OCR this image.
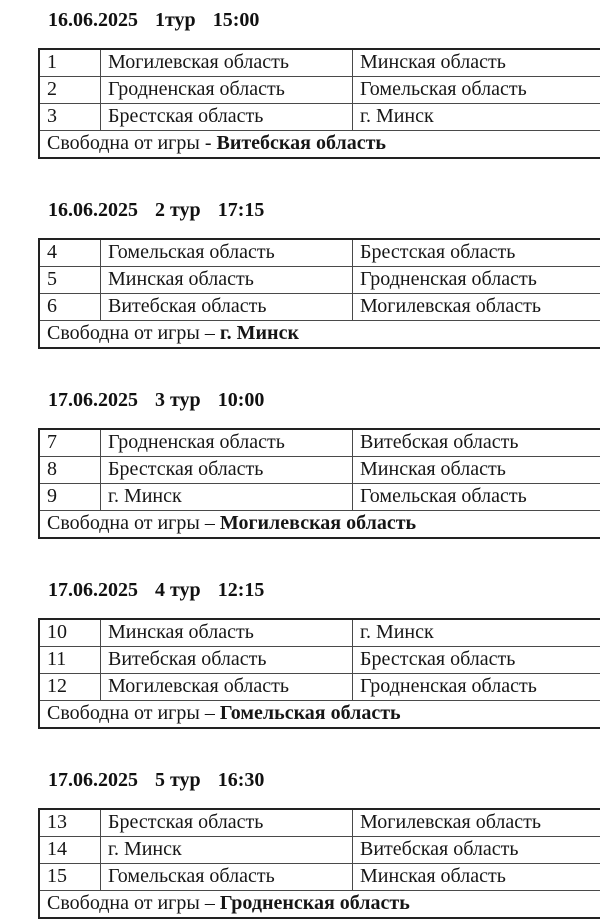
16.06.2025 1тур 15:00
1	Могилевская область	Минская область
2	Гродненская область	Гомельская область
3	Брестская область	г. Минск
Свободна от игры - Витебская область		
16.06.2025 2 тур 17:15
4	Гомельская область	Брестская область
5	Минская область	Гродненская область
6	Витебская область	Могилевская область
Свободна от игры – г. Минск		
17.06.2025 3 тур 10:00
7	Гродненская область	Витебская область
8	Брестская область	Минская область
9	г. Минск	Гомельская область
Свободна от игры – Могилевская область		
17.06.2025 4 тур 12:15
10	Минская область	г. Минск
11	Витебская область	Брестская область
12	Могилевская область	Гродненская область
Свободна от игры – Гомельская область		
17.06.2025 5 тур 16:30
13	Брестская область	Могилевская область
14	г. Минск	Витебская область
15	Гомельская область	Минская область
Свободна от игры – Гродненская область		
